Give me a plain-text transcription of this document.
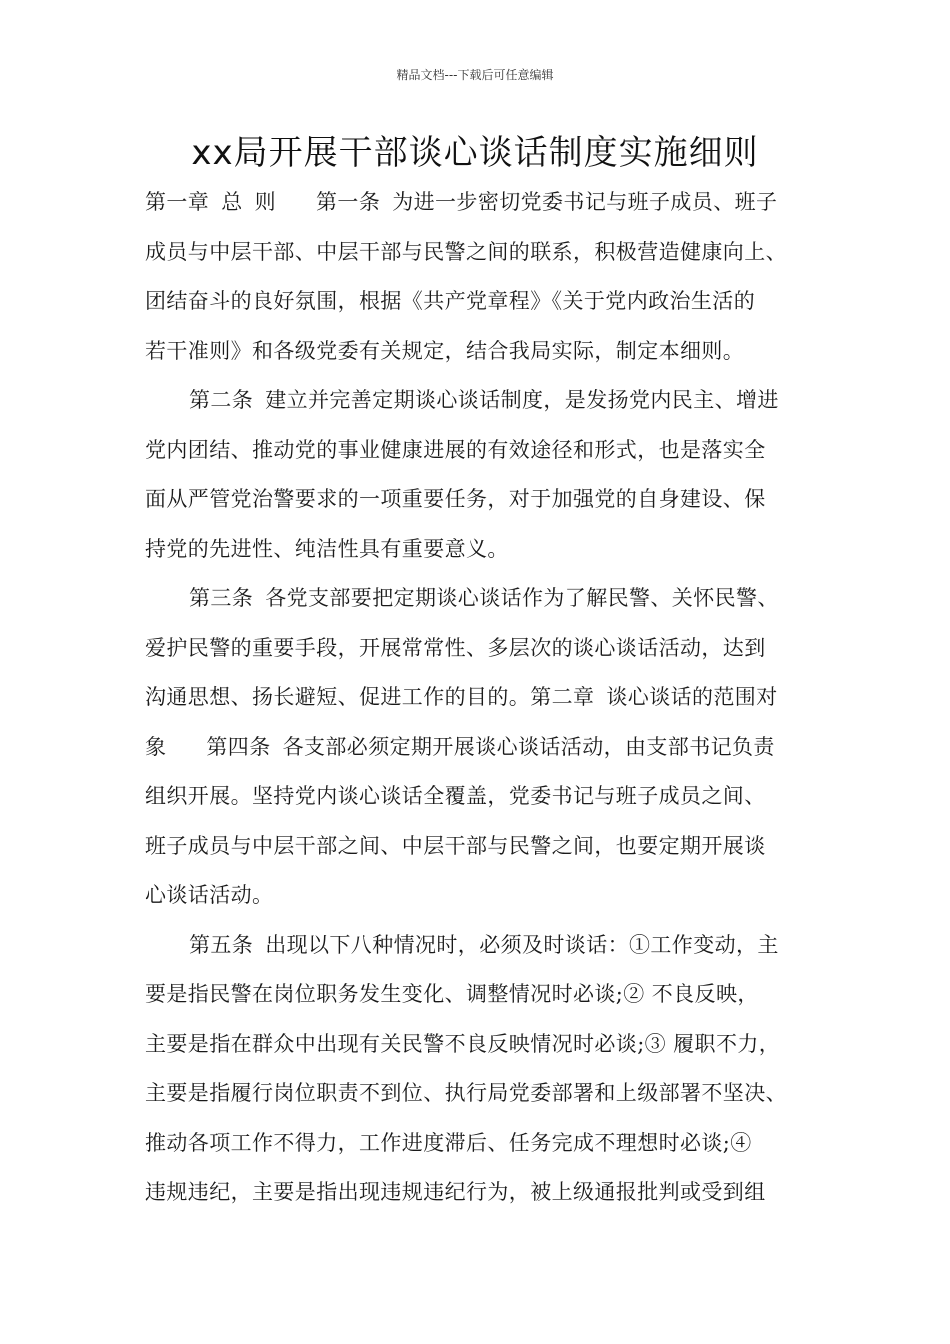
精品文档---下载后可任意编辑
xx局开展干部谈心谈话制度实施细则
第一章 总 则 第一条 为进一步密切党委书记与班子成员、班子
成员与中层干部、中层干部与民警之间的联系，积极营造健康向上、
团结奋斗的良好氛围，根据《共产党章程》《关于党内政治生活的
若干准则》和各级党委有关规定，结合我局实际，制定本细则。
第二条 建立并完善定期谈心谈话制度，是发扬党内民主、增进
党内团结、推动党的事业健康进展的有效途径和形式，也是落实全
面从严管党治警要求的一项重要任务，对于加强党的自身建设、保
持党的先进性、纯洁性具有重要意义。
第三条 各党支部要把定期谈心谈话作为了解民警、关怀民警、
爱护民警的重要手段，开展常常性、多层次的谈心谈话活动，达到
沟通思想、扬长避短、促进工作的目的。第二章 谈心谈话的范围对
象 第四条 各支部必须定期开展谈心谈话活动，由支部书记负责
组织开展。坚持党内谈心谈话全覆盖，党委书记与班子成员之间、
班子成员与中层干部之间、中层干部与民警之间，也要定期开展谈
心谈话活动。
第五条 出现以下八种情况时，必须及时谈话：①工作变动，主
要是指民警在岗位职务发生变化、调整情况时必谈;② 不良反映，
主要是指在群众中出现有关民警不良反映情况时必谈;③ 履职不力，
主要是指履行岗位职责不到位、执行局党委部署和上级部署不坚决、
推动各项工作不得力，工作进度滞后、任务完成不理想时必谈;④
违规违纪，主要是指出现违规违纪行为，被上级通报批判或受到组
